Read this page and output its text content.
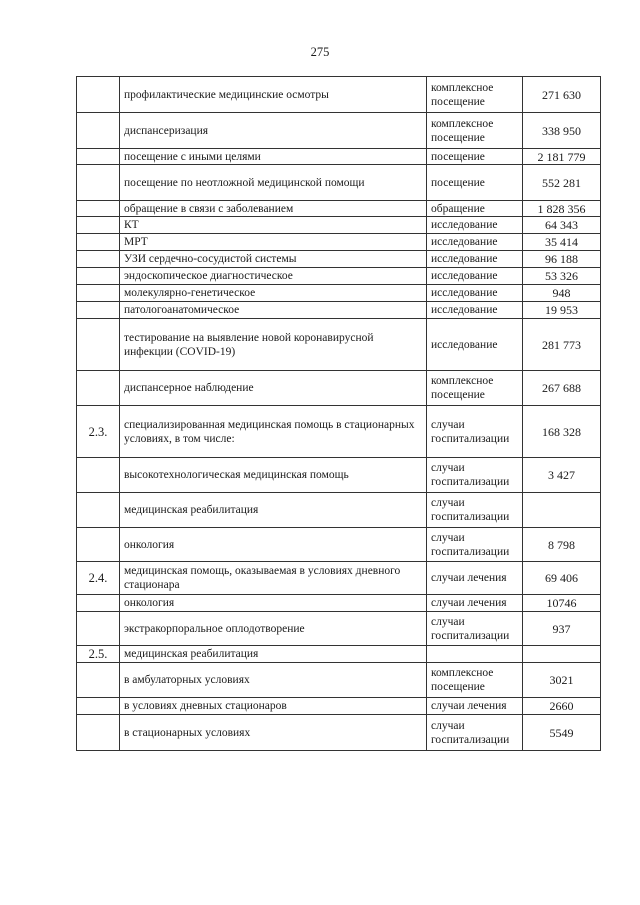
275
	профилактические медицинские осмотры	комплексное посещение	271 630
	диспансеризация	комплексное посещение	338 950
	посещение с иными целями	посещение	2 181 779
	посещение по неотложной медицинской помощи	посещение	552 281
	обращение в связи с заболеванием	обращение	1 828 356
	КТ	исследование	64 343
	МРТ	исследование	35 414
	УЗИ сердечно-сосудистой системы	исследование	96 188
	эндоскопическое диагностическое	исследование	53 326
	молекулярно-генетическое	исследование	948
	патологоанатомическое	исследование	19 953
	тестирование на выявление новой коронавирусной инфекции (COVID-19)	исследование	281 773
	диспансерное наблюдение	комплексное посещение	267 688
2.3.	специализированная медицинская помощь в стационарных условиях, в том числе:	случаи госпитализации	168 328
	высокотехнологическая медицинская помощь	случаи госпитализации	3 427
	медицинская реабилитация	случаи госпитализации	
	онкология	случаи госпитализации	8 798
2.4.	медицинская помощь, оказываемая в условиях дневного стационара	случаи лечения	69 406
	онкология	случаи лечения	10746
	экстракорпоральное оплодотворение	случаи госпитализации	937
2.5.	медицинская реабилитация		
	в амбулаторных условиях	комплексное посещение	3021
	в условиях дневных стационаров	случаи лечения	2660
	в стационарных условиях	случаи госпитализации	5549
